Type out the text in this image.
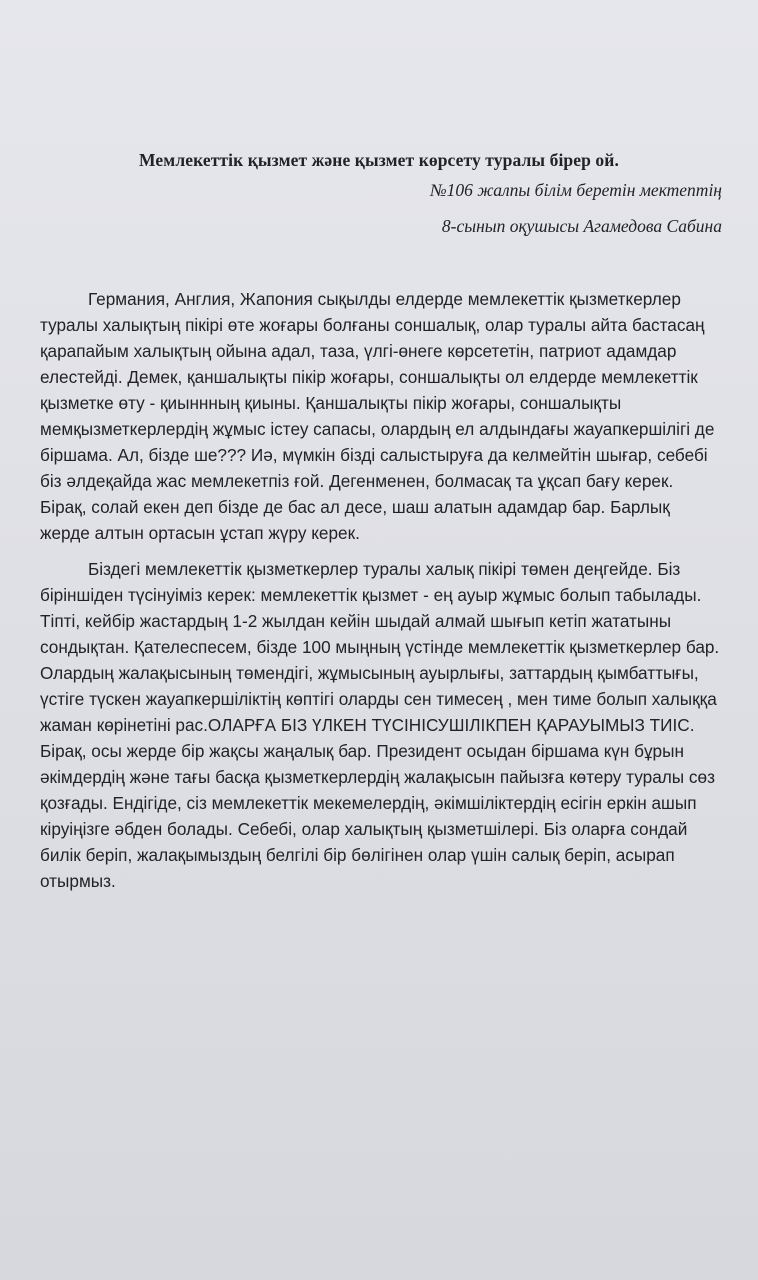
Мемлекеттік қызмет және қызмет көрсету туралы бірер ой.
№106 жалпы білім беретін мектептің
8-сынып оқушысы Агамедова Сабина

Германия, Англия, Жапония сықылды елдерде мемлекеттік қызметкерлер туралы халықтың пікірі өте жоғары болғаны соншалық, олар туралы айта бастасаң қарапайым халықтың ойына адал, таза, үлгі-өнеге көрсететін, патриот адамдар елестейді. Демек, қаншалықты пікір жоғары, соншалықты ол елдерде мемлекеттік қызметке өту - қиыннның қиыны. Қаншалықты пікір жоғары, соншалықты мемқызметкерлердің жұмыс істеу сапасы, олардың ел алдындағы жауапкершілігі де біршама. Ал, бізде ше??? Иә, мүмкін бізді салыстыруға да келмейтін шығар, себебі біз әлдеқайда жас мемлекетпіз ғой. Дегенменен, болмасақ та ұқсап бағу керек. Бірақ, солай екен деп бізде де бас ал десе, шаш алатын адамдар бар. Барлық жерде алтын ортасын ұстап жүру керек.

Біздегі мемлекеттік қызметкерлер туралы халық пікірі төмен деңгейде. Біз біріншіден түсінуіміз керек: мемлекеттік қызмет - ең ауыр жұмыс болып табылады. Тіпті, кейбір жастардың 1-2 жылдан кейін шыдай алмай шығып кетіп жататыны сондықтан. Қателеспесем, бізде 100 мыңның үстінде мемлекеттік қызметкерлер бар. Олардың жалақысының төмендігі, жұмысының ауырлығы, заттардың қымбаттығы, үстіге түскен жауапкершіліктің көптігі оларды сен тимесең , мен тиме болып халыққа жаман көрінетіні рас.ОЛАРҒА БІЗ ҮЛКЕН ТҮСІНІСУШІЛІКПЕН ҚАРАУЫМЫЗ ТИІС. Бірақ, осы жерде бір жақсы жаңалық бар. Президент осыдан біршама күн бұрын әкімдердің және тағы басқа қызметкерлердің жалақысын пайызға көтеру туралы сөз қозғады. Ендігіде, сіз мемлекеттік мекемелердің, әкімшіліктердің есігін еркін ашып кіруіңізге әбден болады. Себебі, олар халықтың қызметшілері. Біз оларға сондай билік беріп, жалақымыздың белгілі бір бөлігінен олар үшін салық беріп, асырап отырмыз.
